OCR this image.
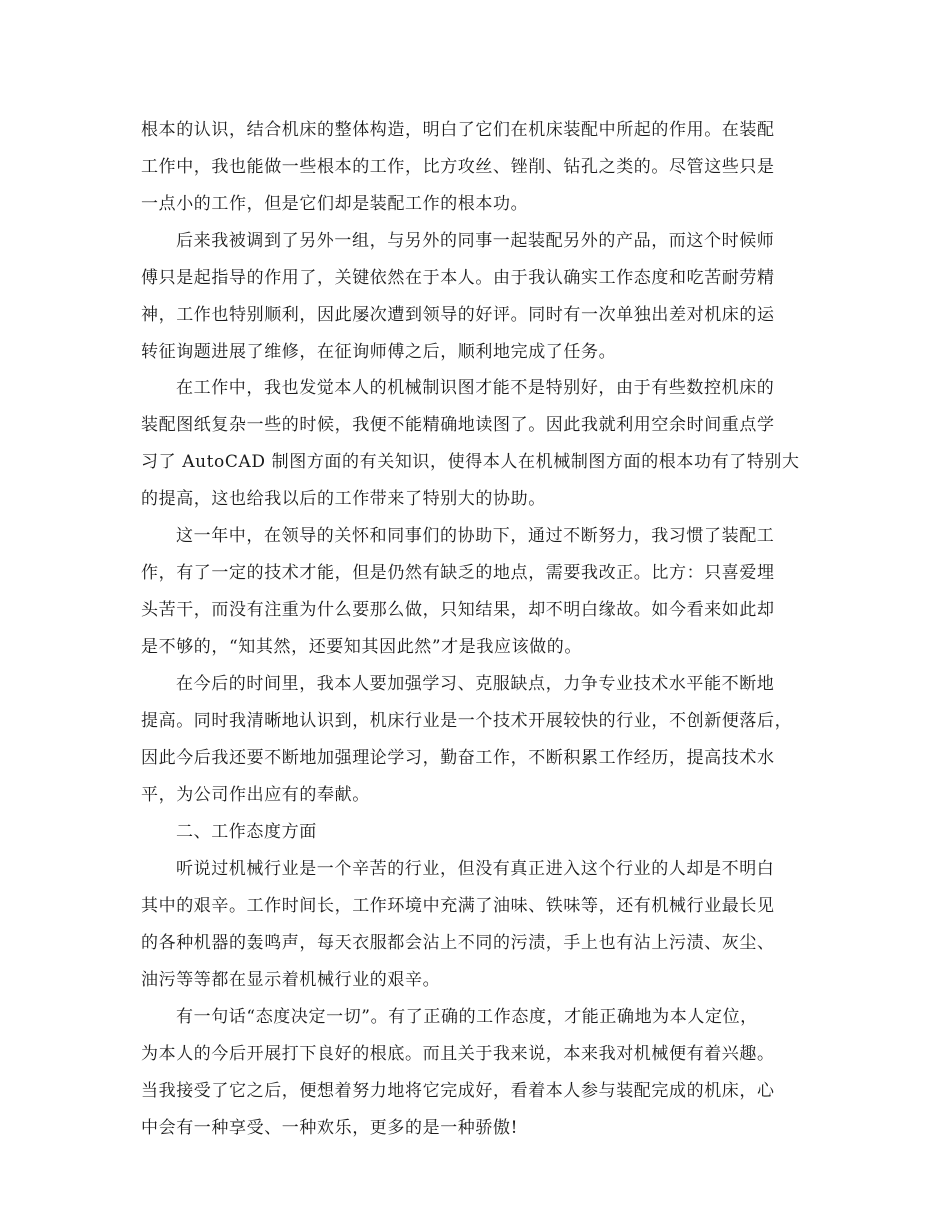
根本的认识，结合机床的整体构造，明白了它们在机床装配中所起的作用。在装配
工作中，我也能做一些根本的工作，比方攻丝、锉削、钻孔之类的。尽管这些只是
一点小的工作，但是它们却是装配工作的根本功。
后来我被调到了另外一组，与另外的同事一起装配另外的产品，而这个时候师
傅只是起指导的作用了，关键依然在于本人。由于我认确实工作态度和吃苦耐劳精
神，工作也特别顺利，因此屡次遭到领导的好评。同时有一次单独出差对机床的运
转征询题进展了维修，在征询师傅之后，顺利地完成了任务。
在工作中，我也发觉本人的机械制识图才能不是特别好，由于有些数控机床的
装配图纸复杂一些的时候，我便不能精确地读图了。因此我就利用空余时间重点学
习了 AutoCAD 制图方面的有关知识，使得本人在机械制图方面的根本功有了特别大
的提高，这也给我以后的工作带来了特别大的协助。
这一年中，在领导的关怀和同事们的协助下，通过不断努力，我习惯了装配工
作，有了一定的技术才能，但是仍然有缺乏的地点，需要我改正。比方：只喜爱埋
头苦干，而没有注重为什么要那么做，只知结果，却不明白缘故。如今看来如此却
是不够的，“知其然，还要知其因此然”才是我应该做的。
在今后的时间里，我本人要加强学习、克服缺点，力争专业技术水平能不断地
提高。同时我清晰地认识到，机床行业是一个技术开展较快的行业，不创新便落后，
因此今后我还要不断地加强理论学习，勤奋工作，不断积累工作经历，提高技术水
平，为公司作出应有的奉献。
二、工作态度方面
听说过机械行业是一个辛苦的行业，但没有真正进入这个行业的人却是不明白
其中的艰辛。工作时间长，工作环境中充满了油味、铁味等，还有机械行业最长见
的各种机器的轰鸣声，每天衣服都会沾上不同的污渍，手上也有沾上污渍、灰尘、
油污等等都在显示着机械行业的艰辛。
有一句话“态度决定一切”。有了正确的工作态度，才能正确地为本人定位，
为本人的今后开展打下良好的根底。而且关于我来说，本来我对机械便有着兴趣。
当我接受了它之后，便想着努力地将它完成好，看着本人参与装配完成的机床，心
中会有一种享受、一种欢乐，更多的是一种骄傲!
